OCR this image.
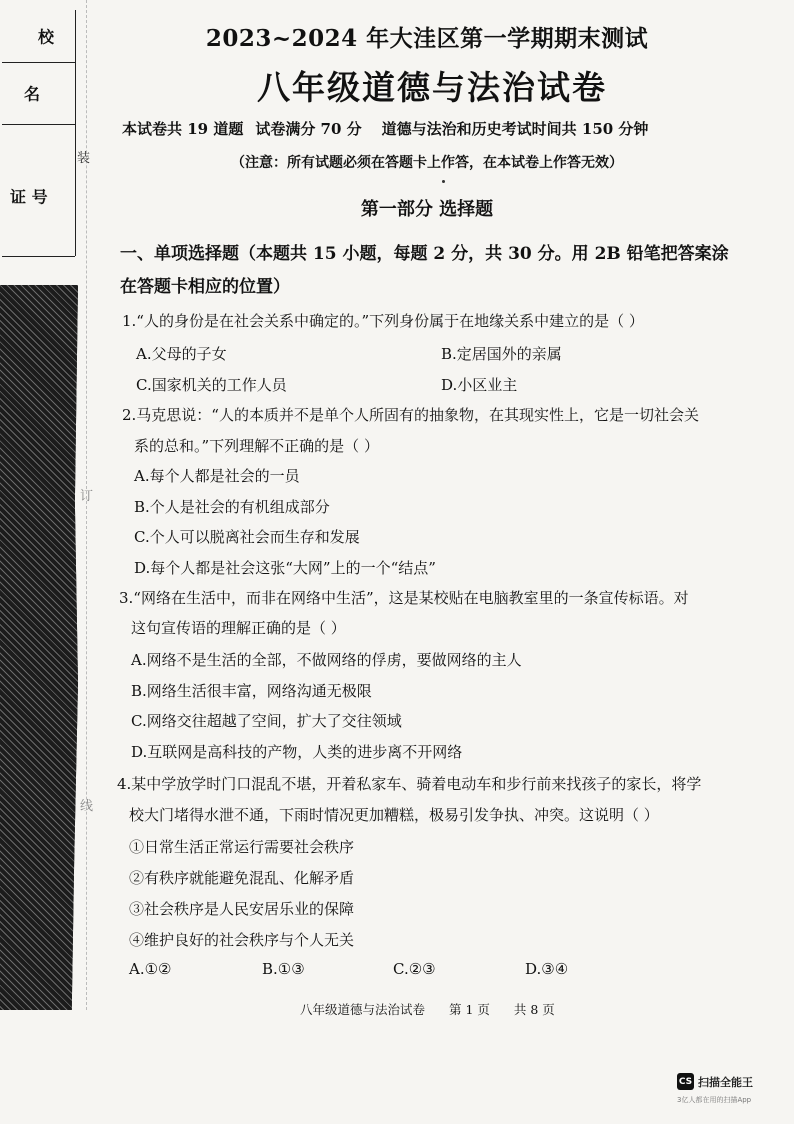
校
名
证 号
装
订
线
2023~2024 年大洼区第一学期期末测试
八年级道德与法治试卷
本试卷共 19 道题 试卷满分 70 分 道德与法治和历史考试时间共 150 分钟
（注意：所有试题必须在答题卡上作答，在本试卷上作答无效）
第一部分 选择题
一、单项选择题（本题共 15 小题，每题 2 分，共 30 分。用 2B 铅笔把答案涂
在答题卡相应的位置）
1.“人的身份是在社会关系中确定的。”下列身份属于在地缘关系中建立的是（ ）
A.父母的子女	B.定居国外的亲属
C.国家机关的工作人员	D.小区业主
2.马克思说：“人的本质并不是单个人所固有的抽象物，在其现实性上，它是一切社会关
系的总和。”下列理解不正确的是（ ）
A.每个人都是社会的一员
B.个人是社会的有机组成部分
C.个人可以脱离社会而生存和发展
D.每个人都是社会这张“大网”上的一个“结点”
3.“网络在生活中，而非在网络中生活”，这是某校贴在电脑教室里的一条宣传标语。对
这句宣传语的理解正确的是（ ）
A.网络不是生活的全部，不做网络的俘虏，要做网络的主人
B.网络生活很丰富，网络沟通无极限
C.网络交往超越了空间，扩大了交往领域
D.互联网是高科技的产物，人类的进步离不开网络
4.某中学放学时门口混乱不堪，开着私家车、骑着电动车和步行前来找孩子的家长，将学
校大门堵得水泄不通，下雨时情况更加糟糕，极易引发争执、冲突。这说明（ ）
①日常生活正常运行需要社会秩序
②有秩序就能避免混乱、化解矛盾
③社会秩序是人民安居乐业的保障
④维护良好的社会秩序与个人无关
A.①②	B.①③	C.②③	D.③④
八年级道德与法治试卷 第 1 页 共 8 页
CS 扫描全能王
3亿人都在用的扫描App
